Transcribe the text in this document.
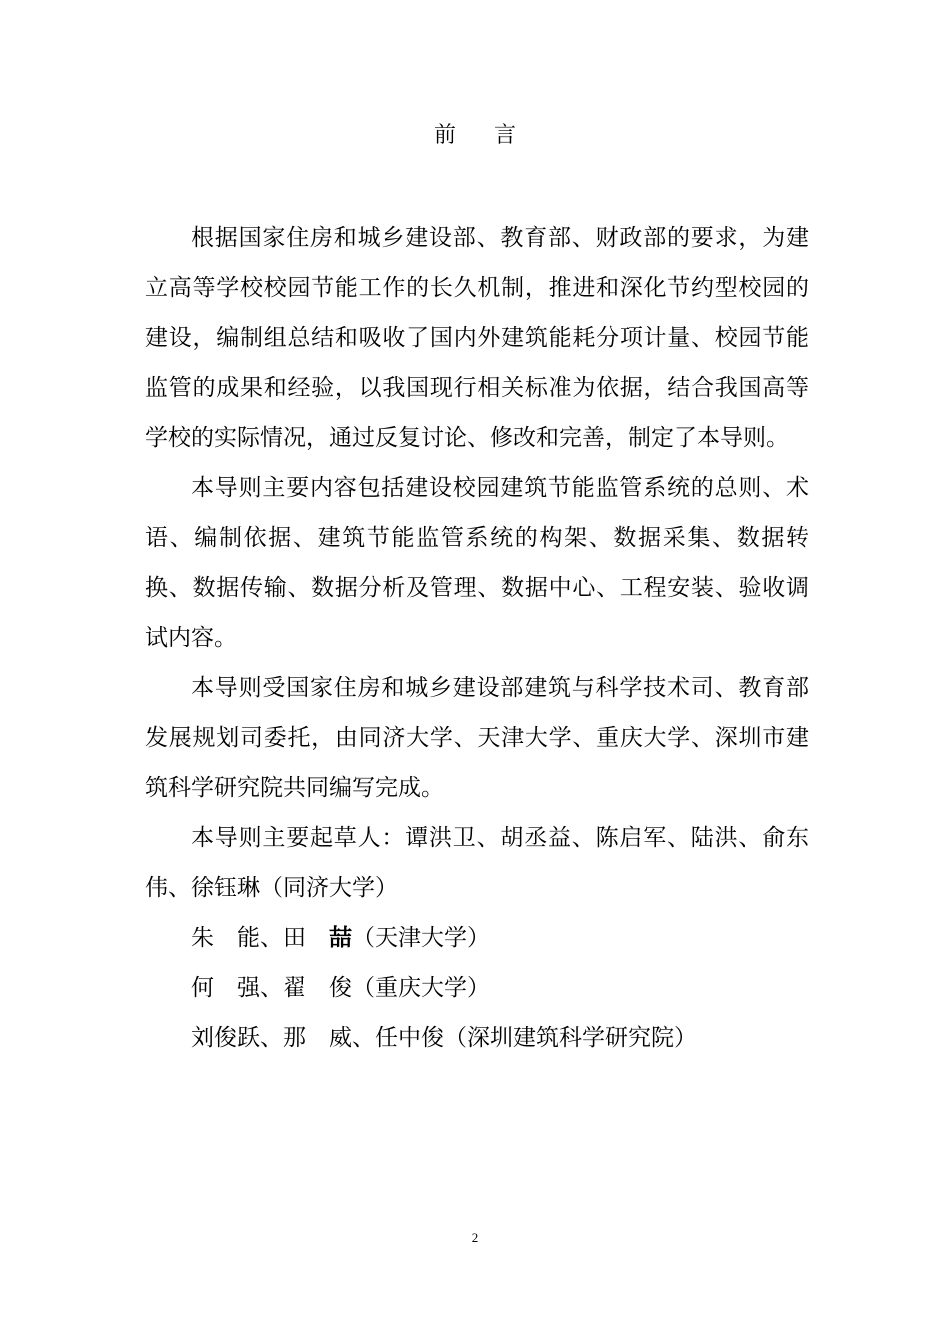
前言

根据国家住房和城乡建设部、教育部、财政部的要求，为建立高等学校校园节能工作的长久机制，推进和深化节约型校园的建设，编制组总结和吸收了国内外建筑能耗分项计量、校园节能监管的成果和经验，以我国现行相关标准为依据，结合我国高等学校的实际情况，通过反复讨论、修改和完善，制定了本导则。

本导则主要内容包括建设校园建筑节能监管系统的总则、术语、编制依据、建筑节能监管系统的构架、数据采集、数据转换、数据传输、数据分析及管理、数据中心、工程安装、验收调试内容。

本导则受国家住房和城乡建设部建筑与科学技术司、教育部发展规划司委托，由同济大学、天津大学、重庆大学、深圳市建筑科学研究院共同编写完成。

本导则主要起草人：谭洪卫、胡丞益、陈启军、陆洪、俞东伟、徐钰琳（同济大学）

朱　能、田　喆（天津大学）

何　强、翟　俊（重庆大学）

刘俊跃、那　威、任中俊（深圳建筑科学研究院）

2
